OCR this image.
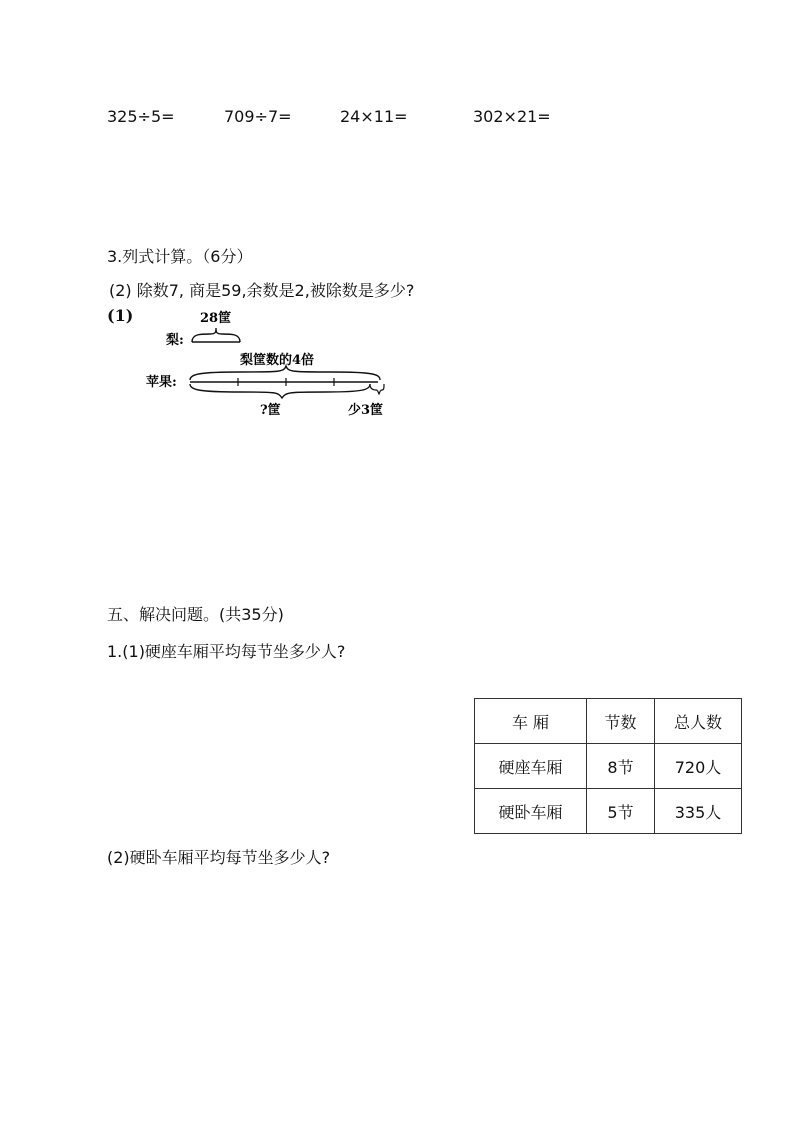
325÷5=	709÷7=	24×11=	302×21=
3.列式计算。（6分）
(2) 除数7, 商是59,余数是2,被除数是多少?
(1)	28筐
梨:
梨筐数的4倍
苹果:
?筐	少3筐
五、解决问题。(共35分)
1.(1)硬座车厢平均每节坐多少人?
车 厢	节数	总人数
硬座车厢	8节	720人
硬卧车厢	5节	335人
(2)硬卧车厢平均每节坐多少人?
